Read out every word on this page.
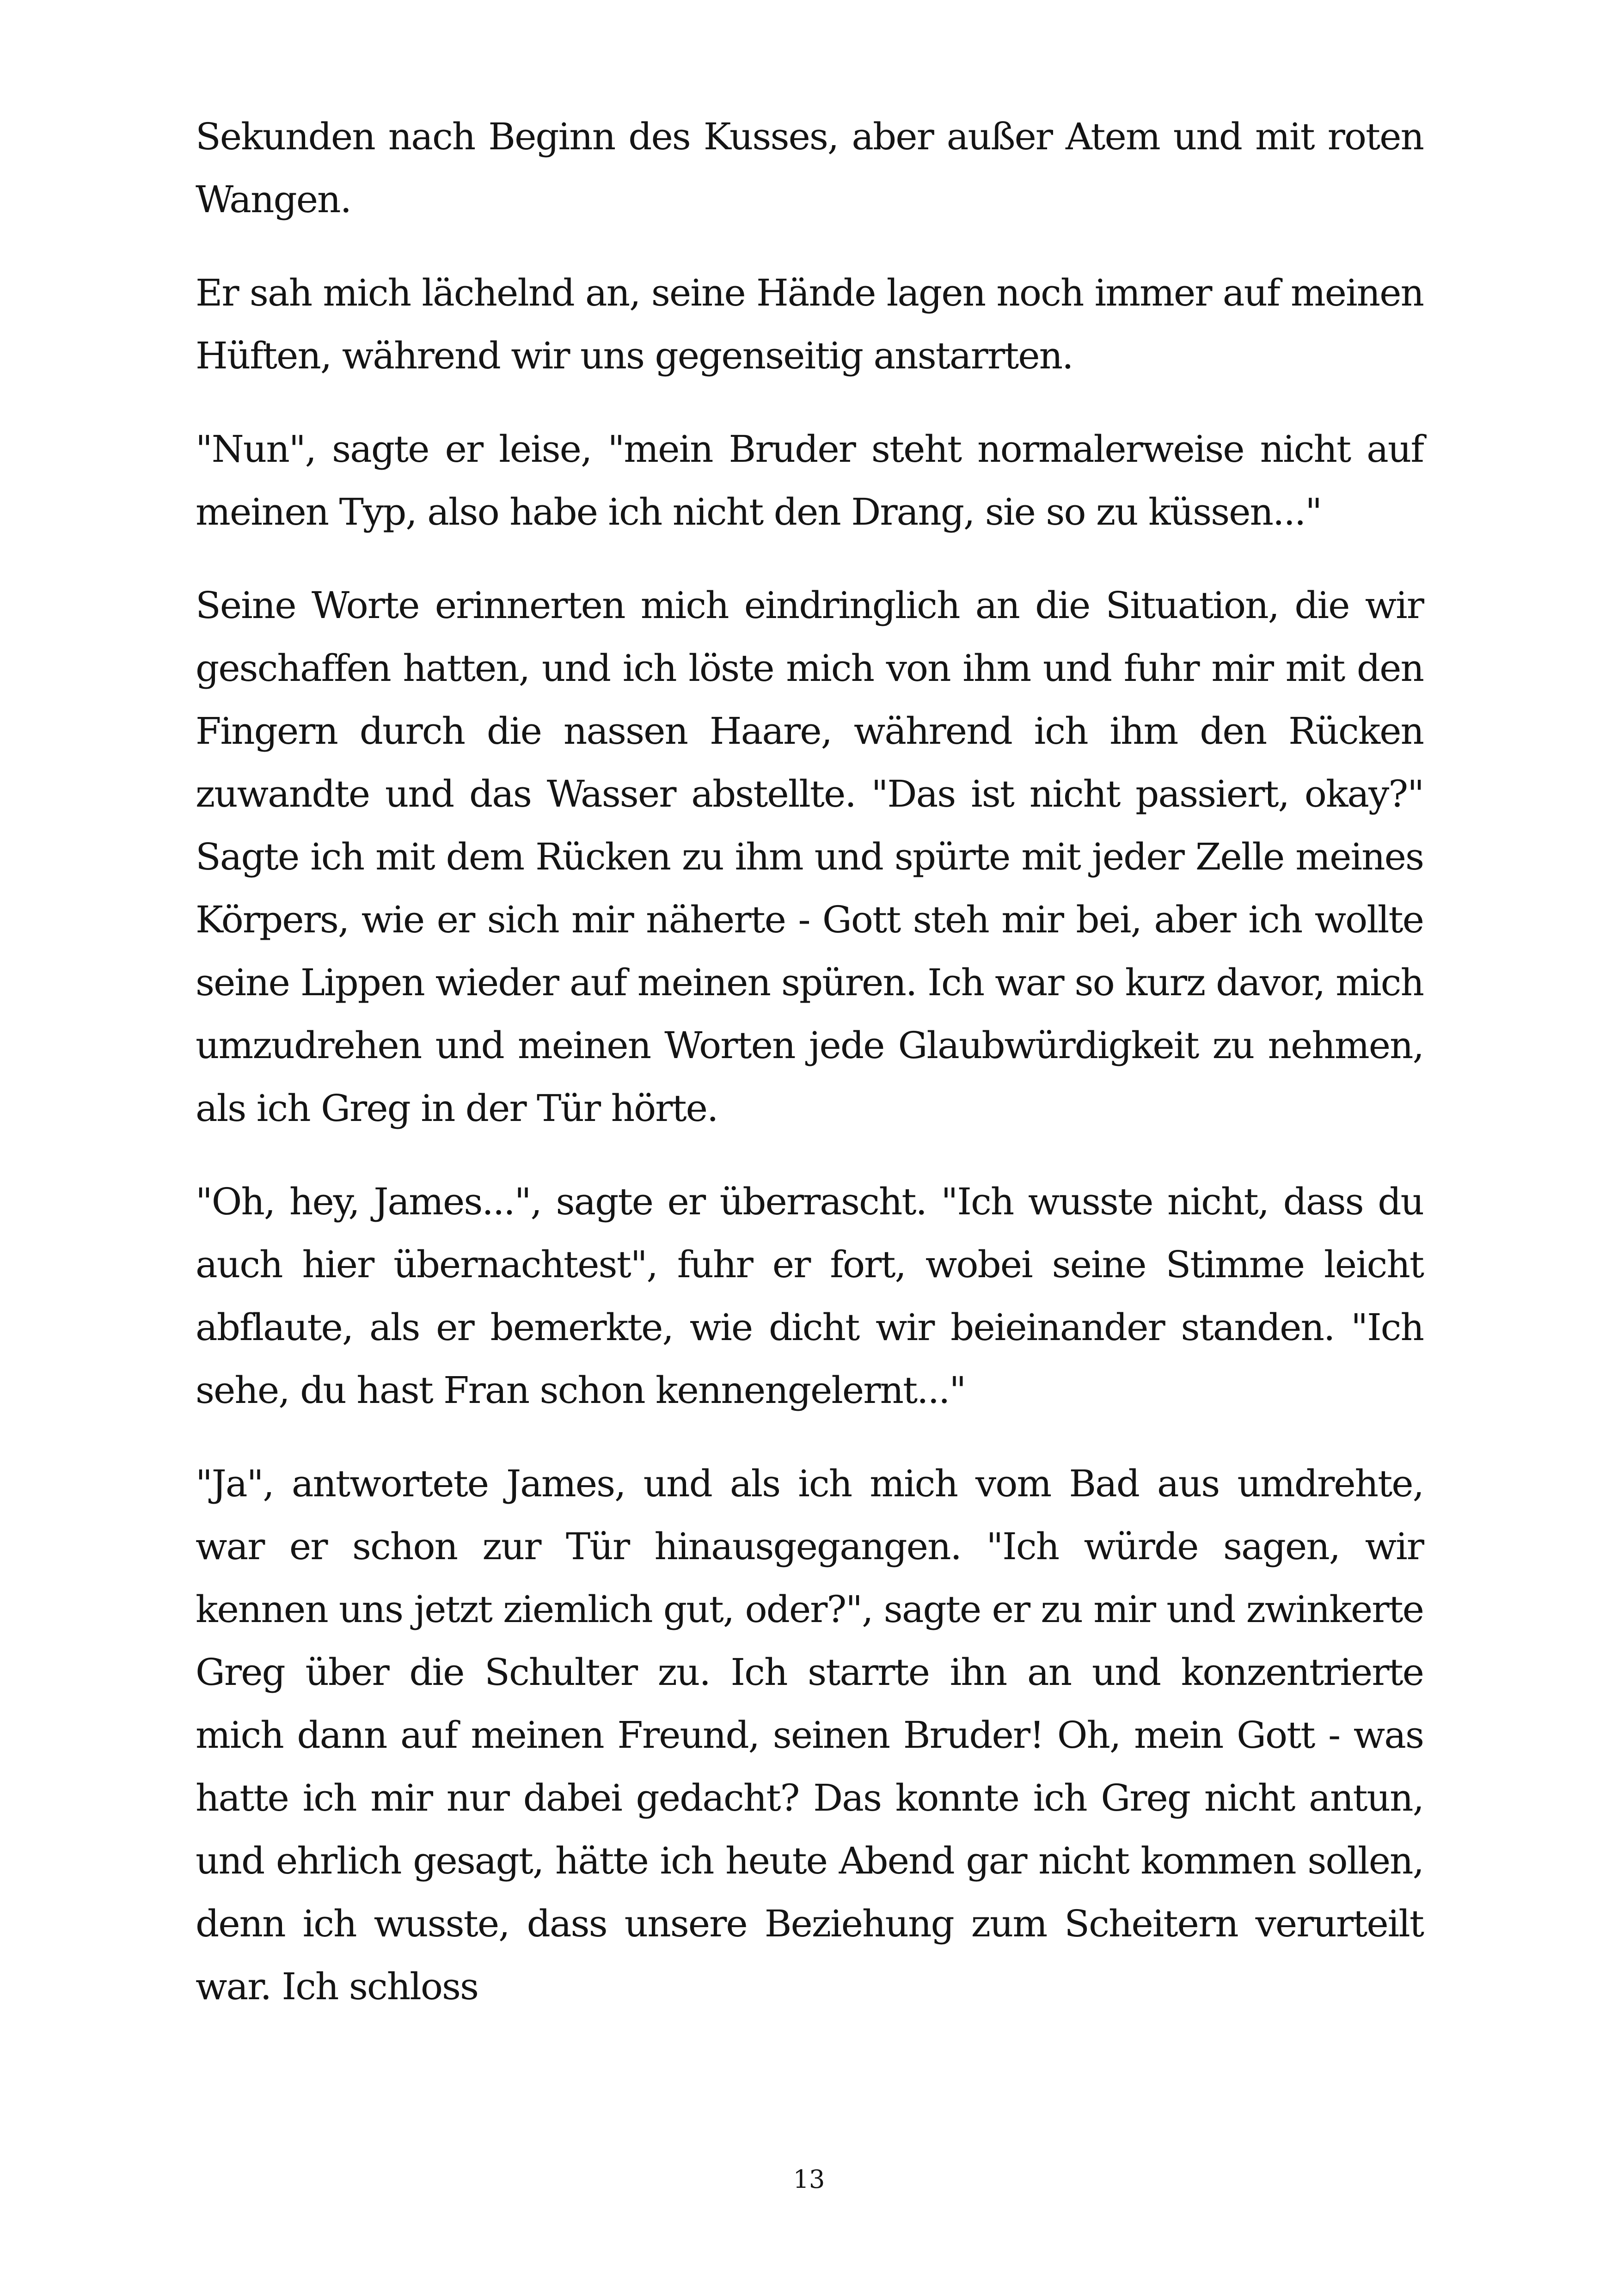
Sekunden nach Beginn des Kusses, aber außer Atem und mit roten Wangen.

Er sah mich lächelnd an, seine Hände lagen noch immer auf meinen Hüften, während wir uns gegenseitig anstarrten.

"Nun", sagte er leise, "mein Bruder steht normalerweise nicht auf meinen Typ, also habe ich nicht den Drang, sie so zu küssen..."

Seine Worte erinnerten mich eindringlich an die Situation, die wir geschaffen hatten, und ich löste mich von ihm und fuhr mir mit den Fingern durch die nassen Haare, während ich ihm den Rücken zuwandte und das Wasser abstellte. "Das ist nicht passiert, okay?" Sagte ich mit dem Rücken zu ihm und spürte mit jeder Zelle meines Körpers, wie er sich mir näherte - Gott steh mir bei, aber ich wollte seine Lippen wieder auf meinen spüren. Ich war so kurz davor, mich umzudrehen und meinen Worten jede Glaubwürdigkeit zu nehmen, als ich Greg in der Tür hörte.

"Oh, hey, James...", sagte er überrascht. "Ich wusste nicht, dass du auch hier übernachtest", fuhr er fort, wobei seine Stimme leicht abflaute, als er bemerkte, wie dicht wir beieinander standen. "Ich sehe, du hast Fran schon kennengelernt..."

"Ja", antwortete James, und als ich mich vom Bad aus umdrehte, war er schon zur Tür hinausgegangen. "Ich würde sagen, wir kennen uns jetzt ziemlich gut, oder?", sagte er zu mir und zwinkerte Greg über die Schulter zu. Ich starrte ihn an und konzentrierte mich dann auf meinen Freund, seinen Bruder! Oh, mein Gott - was hatte ich mir nur dabei gedacht? Das konnte ich Greg nicht antun, und ehrlich gesagt, hätte ich heute Abend gar nicht kommen sollen, denn ich wusste, dass unsere Beziehung zum Scheitern verurteilt war. Ich schloss

13
